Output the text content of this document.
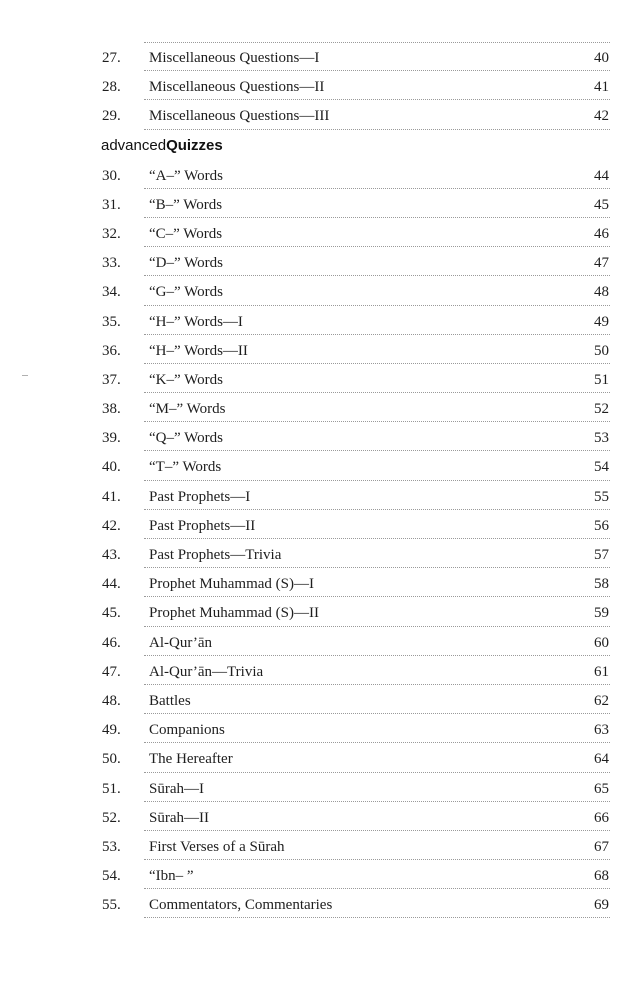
27. Miscellaneous Questions—I	40
28. Miscellaneous Questions—II	41
29. Miscellaneous Questions—III	42
advancedQuizzes
30. “A–” Words	44
31. “B–” Words	45
32. “C–” Words	46
33. “D–” Words	47
34. “G–” Words	48
35. “H–” Words—I	49
36. “H–” Words—II	50
37. “K–” Words	51
38. “M–” Words	52
39. “Q–” Words	53
40. “T–” Words	54
41. Past Prophets—I	55
42. Past Prophets—II	56
43. Past Prophets—Trivia	57
44. Prophet Muhammad (S)—I	58
45. Prophet Muhammad (S)—II	59
46. Al-Qur’ān	60
47. Al-Qur’ān—Trivia	61
48. Battles	62
49. Companions	63
50. The Hereafter	64
51. Sūrah—I	65
52. Sūrah—II	66
53. First Verses of a Sūrah	67
54. “Ibn– ”	68
55. Commentators, Commentaries	69
